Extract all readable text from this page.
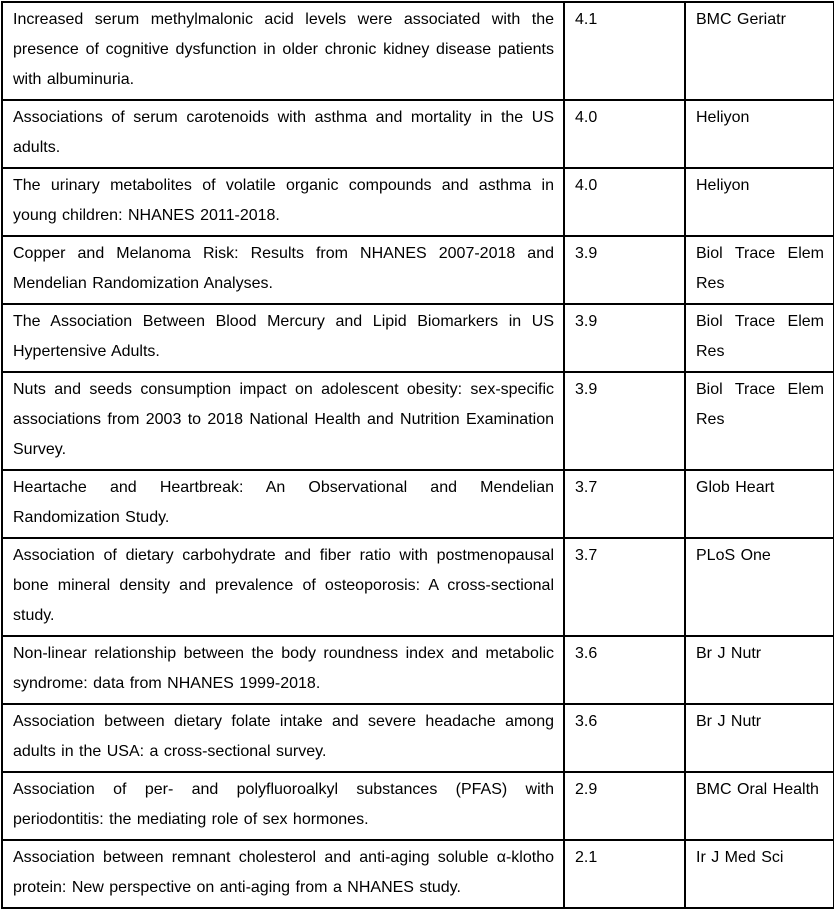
Increased serum methylmalonic acid levels were associated with the presence of cognitive dysfunction in older chronic kidney disease patients with albuminuria.	4.1	BMC Geriatr
Associations of serum carotenoids with asthma and mortality in the US adults.	4.0	Heliyon
The urinary metabolites of volatile organic compounds and asthma in young children: NHANES 2011-2018.	4.0	Heliyon
Copper and Melanoma Risk: Results from NHANES 2007-2018 and Mendelian Randomization Analyses.	3.9	Biol Trace Elem Res
The Association Between Blood Mercury and Lipid Biomarkers in US Hypertensive Adults.	3.9	Biol Trace Elem Res
Nuts and seeds consumption impact on adolescent obesity: sex-specific associations from 2003 to 2018 National Health and Nutrition Examination Survey.	3.9	Biol Trace Elem Res
Heartache and Heartbreak: An Observational and Mendelian Randomization Study.	3.7	Glob Heart
Association of dietary carbohydrate and fiber ratio with postmenopausal bone mineral density and prevalence of osteoporosis: A cross-sectional study.	3.7	PLoS One
Non-linear relationship between the body roundness index and metabolic syndrome: data from NHANES 1999-2018.	3.6	Br J Nutr
Association between dietary folate intake and severe headache among adults in the USA: a cross-sectional survey.	3.6	Br J Nutr
Association of per- and polyfluoroalkyl substances (PFAS) with periodontitis: the mediating role of sex hormones.	2.9	BMC Oral Health
Association between remnant cholesterol and anti-aging soluble α-klotho protein: New perspective on anti-aging from a NHANES study.	2.1	Ir J Med Sci
